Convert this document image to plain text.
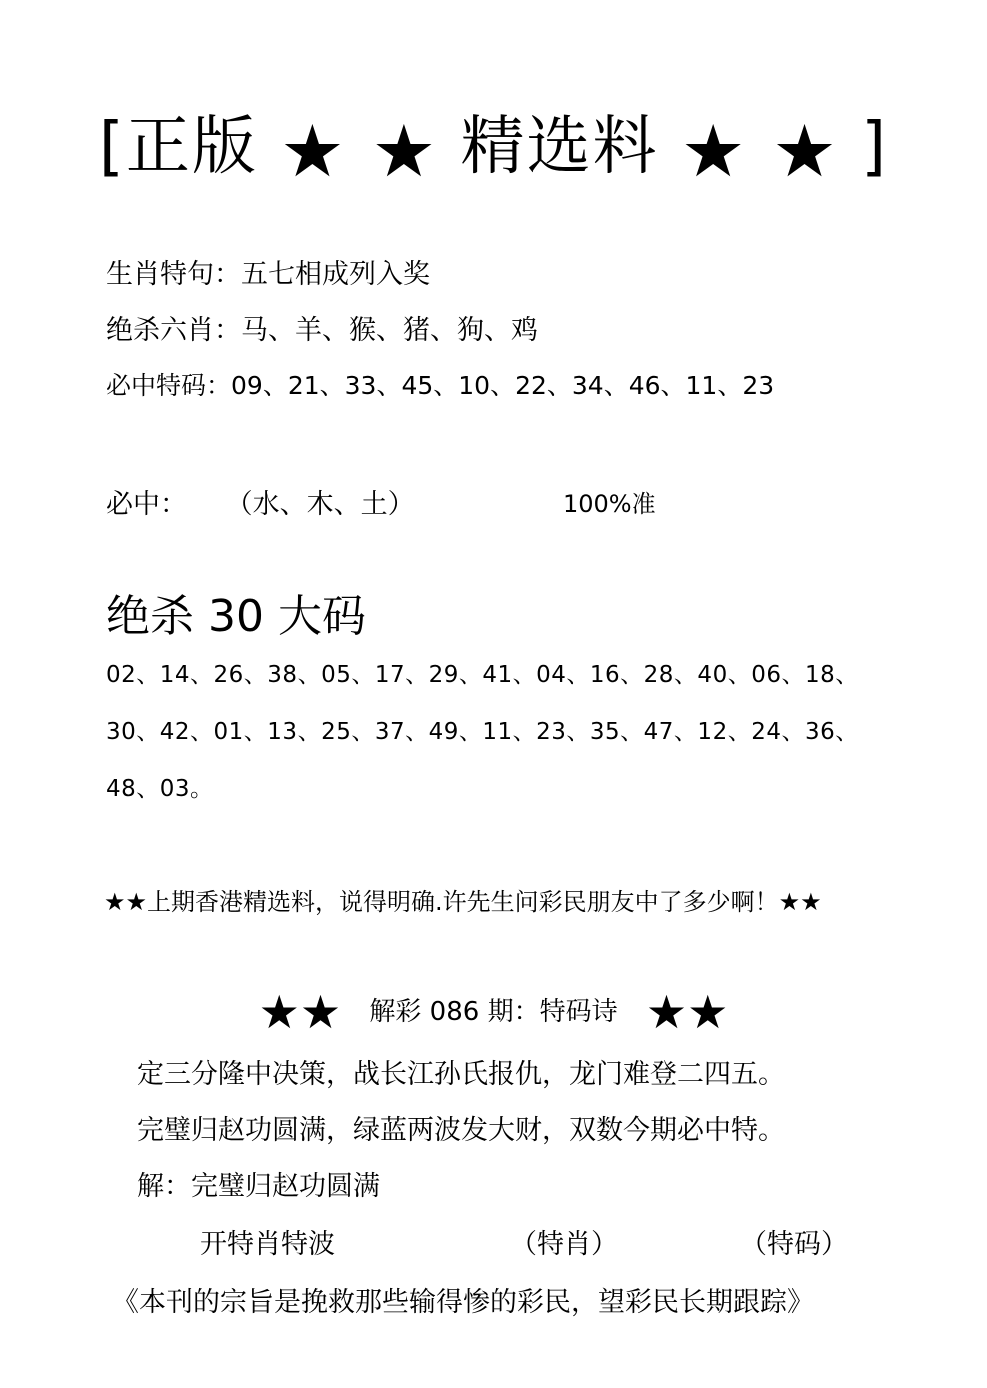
[正版 ★ ★ 精选料 ★ ★ ]
生肖特句：五七相成列入奖
绝杀六肖：马、羊、猴、猪、狗、鸡
必中特码：09、21、33、45、10、22、34、46、11、23
必中： （水、木、土）	100%准
绝杀 30 大码
02、14、26、38、05、17、29、41、04、16、28、40、06、18、
30、42、01、13、25、37、49、11、23、35、47、12、24、36、
48、03。
★★上期香港精选料，说得明确.许先生问彩民朋友中了多少啊！★★
★★ 解彩 086 期：特码诗 ★★
定三分隆中决策，战长江孙氏报仇，龙门难登二四五。
完璧归赵功圆满，绿蓝两波发大财，双数今期必中特。
解：完璧归赵功圆满
开特肖特波	（特肖）	（特码）
《本刊的宗旨是挽救那些输得惨的彩民，望彩民长期跟踪》
